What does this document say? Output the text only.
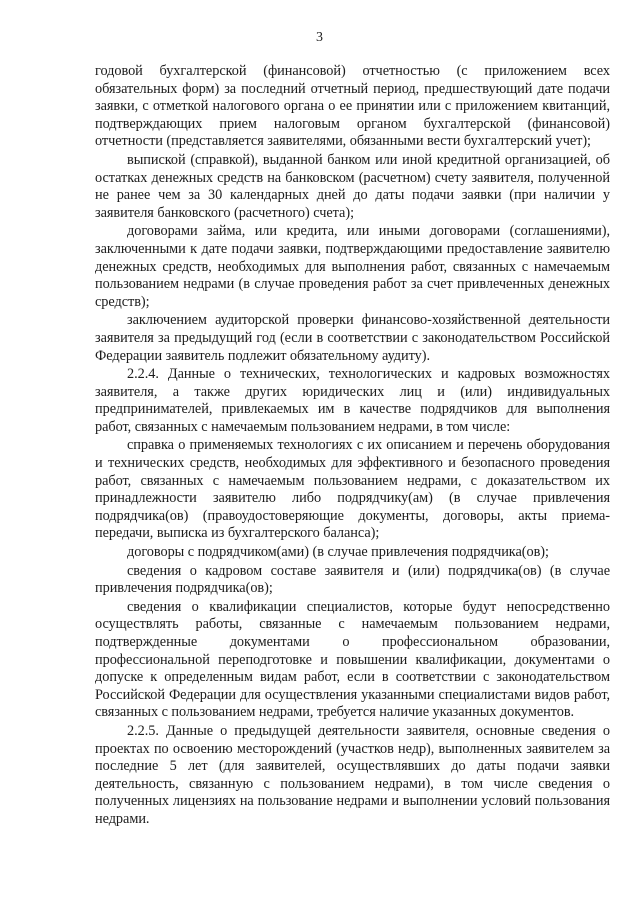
3

годовой бухгалтерской (финансовой) отчетностью (с приложением всех обязательных форм) за последний отчетный период, предшествующий дате подачи заявки, с отметкой налогового органа о ее принятии или с приложением квитанций, подтверждающих прием налоговым органом бухгалтерской (финансовой) отчетности (представляется заявителями, обязанными вести бухгалтерский учет);

выпиской (справкой), выданной банком или иной кредитной организацией, об остатках денежных средств на банковском (расчетном) счету заявителя, полученной не ранее чем за 30 календарных дней до даты подачи заявки (при наличии у заявителя банковского (расчетного) счета);

договорами займа, или кредита, или иными договорами (соглашениями), заключенными к дате подачи заявки, подтверждающими предоставление заявителю денежных средств, необходимых для выполнения работ, связанных с намечаемым пользованием недрами (в случае проведения работ за счет привлеченных денежных средств);

заключением аудиторской проверки финансово-хозяйственной деятельности заявителя за предыдущий год (если в соответствии с законодательством Российской Федерации заявитель подлежит обязательному аудиту).

2.2.4. Данные о технических, технологических и кадровых возможностях заявителя, а также других юридических лиц и (или) индивидуальных предпринимателей, привлекаемых им в качестве подрядчиков для выполнения работ, связанных с намечаемым пользованием недрами, в том числе:

справка о применяемых технологиях с их описанием и перечень оборудования и технических средств, необходимых для эффективного и безопасного проведения работ, связанных с намечаемым пользованием недрами, с доказательством их принадлежности заявителю либо подрядчику(ам) (в случае привлечения подрядчика(ов) (правоудостоверяющие документы, договоры, акты приема-передачи, выписка из бухгалтерского баланса);

договоры с подрядчиком(ами) (в случае привлечения подрядчика(ов);

сведения о кадровом составе заявителя и (или) подрядчика(ов) (в случае привлечения подрядчика(ов);

сведения о квалификации специалистов, которые будут непосредственно осуществлять работы, связанные с намечаемым пользованием недрами, подтвержденные документами о профессиональном образовании, профессиональной переподготовке и повышении квалификации, документами о допуске к определенным видам работ, если в соответствии с законодательством Российской Федерации для осуществления указанными специалистами видов работ, связанных с пользованием недрами, требуется наличие указанных документов.

2.2.5. Данные о предыдущей деятельности заявителя, основные сведения о проектах по освоению месторождений (участков недр), выполненных заявителем за последние 5 лет (для заявителей, осуществлявших до даты подачи заявки деятельность, связанную с пользованием недрами), в том числе сведения о полученных лицензиях на пользование недрами и выполнении условий пользования недрами.
